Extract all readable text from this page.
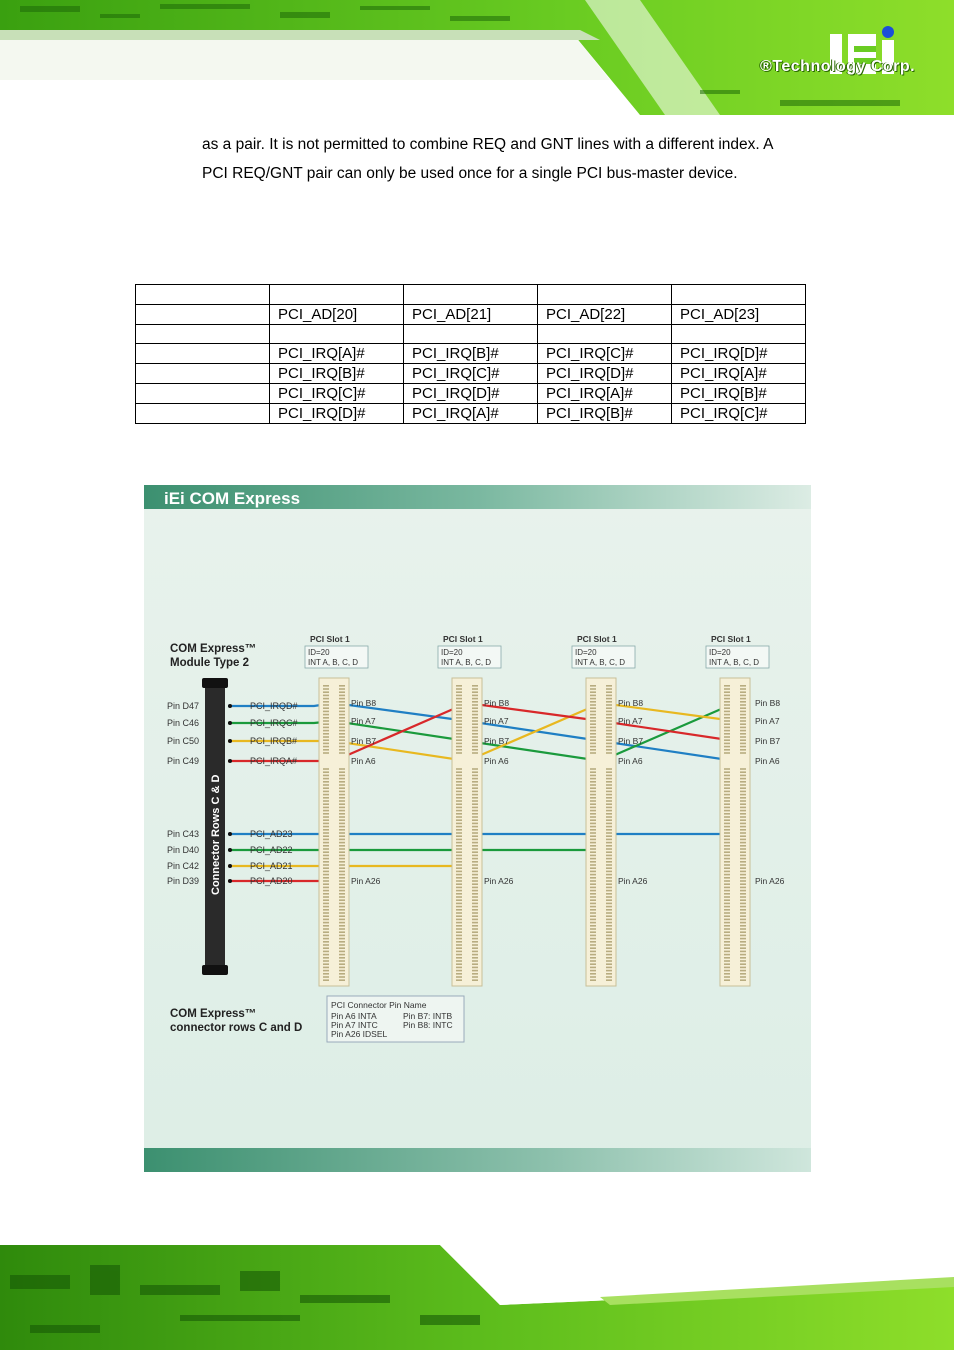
®Technology Corp.

as a pair. It is not permitted to combine REQ and GNT lines with a different index. A

PCI REQ/GNT pair can only be used once for a single PCI bus-master device.

	PCI_AD[20]	PCI_AD[21]	PCI_AD[22]	PCI_AD[23]

	PCI_IRQ[A]#	PCI_IRQ[B]#	PCI_IRQ[C]#	PCI_IRQ[D]#
	PCI_IRQ[B]#	PCI_IRQ[C]#	PCI_IRQ[D]#	PCI_IRQ[A]#
	PCI_IRQ[C]#	PCI_IRQ[D]#	PCI_IRQ[A]#	PCI_IRQ[B]#
	PCI_IRQ[D]#	PCI_IRQ[A]#	PCI_IRQ[B]#	PCI_IRQ[C]#
iEi COM Express
COM Express™
Module Type 2
Connector Rows C & D
Pin D47	PCI_IRQD#
Pin C46	PCI_IRQC#
Pin C50	PCI_IRQB#
Pin C49	PCI_IRQA#
Pin C43	PCI_AD23
Pin D40	PCI_AD22
Pin C42	PCI_AD21
Pin D39	PCI_AD20
PCI Slot 1
ID=20
INT A, B, C, D
Pin B8
Pin A7
Pin B7
Pin A6
Pin A26
PCI Slot 1
ID=20
INT A, B, C, D
Pin B8
Pin A7
Pin B7
Pin A6
Pin A26
PCI Slot 1
ID=20
INT A, B, C, D
Pin B8
Pin A7
Pin B7
Pin A6
Pin A26
PCI Slot 1
ID=20
INT A, B, C, D
Pin B8
Pin A7
Pin B7
Pin A6
Pin A26
COM Express™
connector rows C and D
PCI Connector Pin Name
Pin A6 INTA	Pin B7: INTB
Pin A7 INTC	Pin B8: INTC
Pin A26 IDSEL
